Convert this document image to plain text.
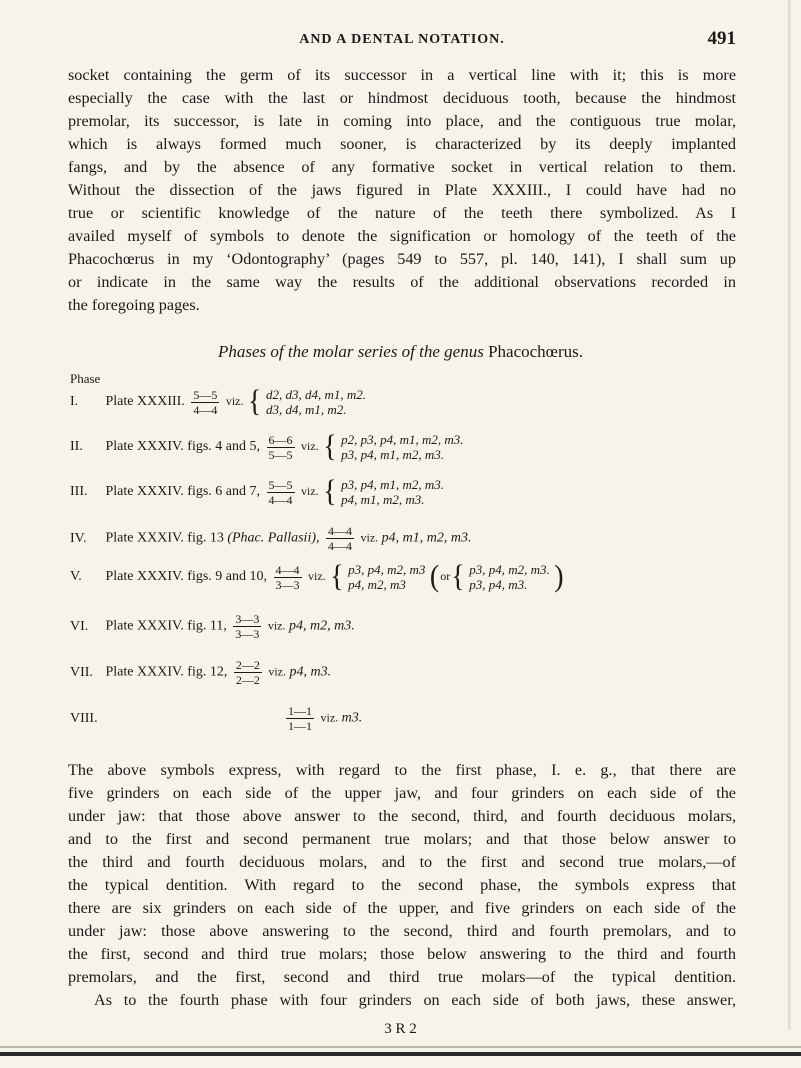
AND A DENTAL NOTATION.	491
socket containing the germ of its successor in a vertical line with it; this is more
especially the case with the last or hindmost deciduous tooth, because the hindmost
premolar, its successor, is late in coming into place, and the contiguous true molar,
which is always formed much sooner, is characterized by its deeply implanted
fangs, and by the absence of any formative socket in vertical relation to them.
Without the dissection of the jaws figured in Plate XXXIII., I could have had no
true or scientific knowledge of the nature of the teeth there symbolized. As I
availed myself of symbols to denote the signification or homology of the teeth of the
Phacochœrus in my ‘Odontography’ (pages 549 to 557, pl. 140, 141), I shall sum up
or indicate in the same way the results of the additional observations recorded in
the foregoing pages.
Phases of the molar series of the genus Phacochœrus.
Phase
I. Plate XXXIII. $\frac{5—5}{4—4}$ viz. { d2, d3, d4, m1, m2.
d3, d4, m1, m2.
II. Plate XXXIV. figs. 4 and 5, $\frac{6—6}{5—5}$ viz. { p2, p3, p4, m1, m2, m3.
p3, p4, m1, m2, m3.
III. Plate XXXIV. figs. 6 and 7, $\frac{5—5}{4—4}$ viz. { p3, p4, m1, m2, m3.
p4, m1, m2, m3.
IV. Plate XXXIV. fig. 13 (Phac. Pallasii), $\frac{4—4}{4—4}$ viz. p4, m1, m2, m3.
V. Plate XXXIV. figs. 9 and 10, $\frac{4—4}{3—3}$ viz. { p3, p4, m2, m3
p4, m2, m3 (or{ p3, p4, m2, m3.
p3, p4, m3. )
VI. Plate XXXIV. fig. 11, $\frac{3—3}{3—3}$ viz. p4, m2, m3.
VII. Plate XXXIV. fig. 12, $\frac{2—2}{2—2}$ viz. p4, m3.
VIII.	$\frac{1—1}{1—1}$ viz. m3.
The above symbols express, with regard to the first phase, I. e. g., that there are
five grinders on each side of the upper jaw, and four grinders on each side of the
under jaw: that those above answer to the second, third, and fourth deciduous molars,
and to the first and second permanent true molars; and that those below answer to
the third and fourth deciduous molars, and to the first and second true molars,—of
the typical dentition. With regard to the second phase, the symbols express that
there are six grinders on each side of the upper, and five grinders on each side of the
under jaw: those above answering to the second, third and fourth premolars, and to
the first, second and third true molars; those below answering to the third and fourth
premolars, and the first, second and third true molars—of the typical dentition.
As to the fourth phase with four grinders on each side of both jaws, these answer,
3 R 2
